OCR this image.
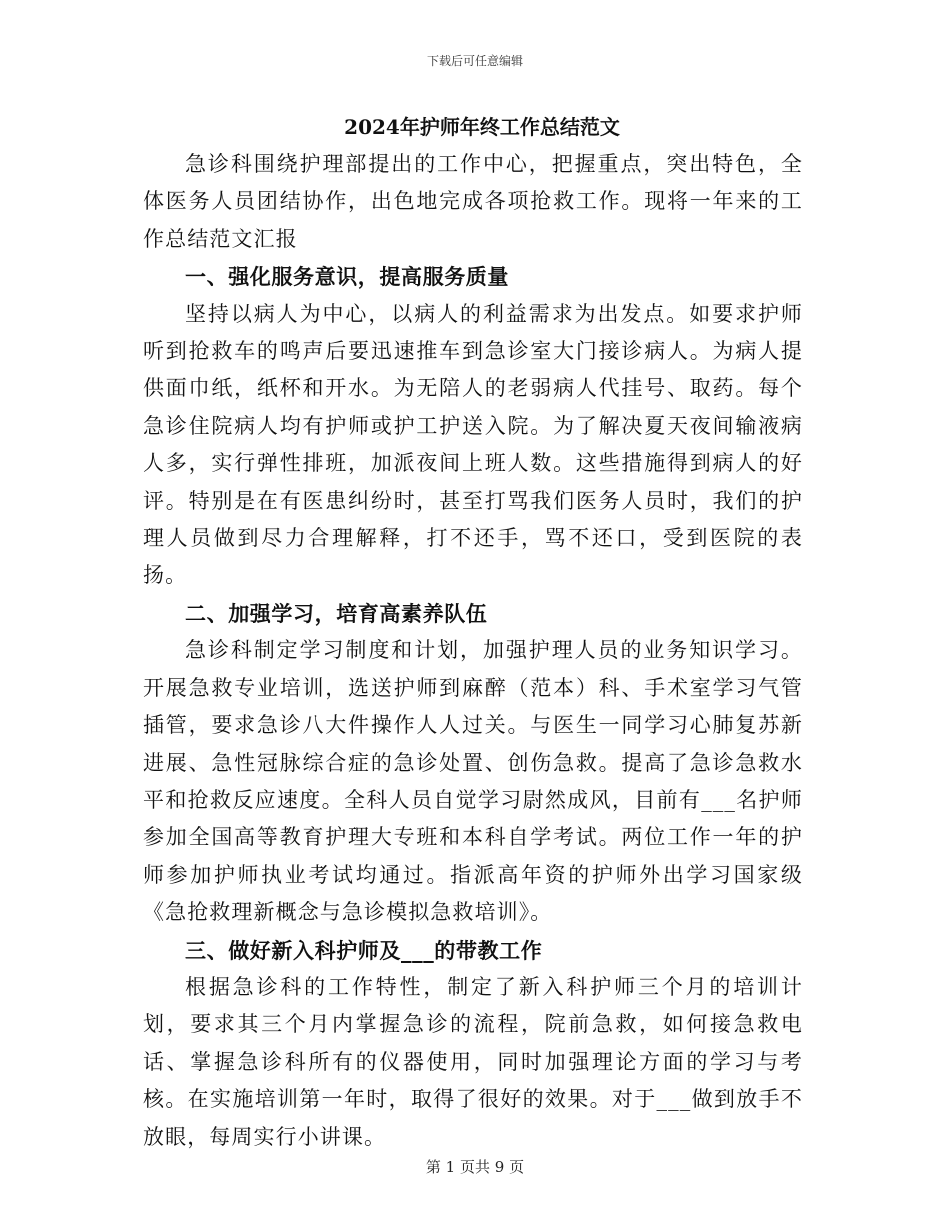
下载后可任意编辑
2024年护师年终工作总结范文

急诊科围绕护理部提出的工作中心，把握重点，突出特色，全体医务人员团结协作，出色地完成各项抢救工作。现将一年来的工作总结范文汇报

一、强化服务意识，提高服务质量

坚持以病人为中心，以病人的利益需求为出发点。如要求护师听到抢救车的鸣声后要迅速推车到急诊室大门接诊病人。为病人提供面巾纸，纸杯和开水。为无陪人的老弱病人代挂号、取药。每个急诊住院病人均有护师或护工护送入院。为了解决夏天夜间输液病人多，实行弹性排班，加派夜间上班人数。这些措施得到病人的好评。特别是在有医患纠纷时，甚至打骂我们医务人员时，我们的护理人员做到尽力合理解释，打不还手，骂不还口，受到医院的表扬。

二、加强学习，培育高素养队伍

急诊科制定学习制度和计划，加强护理人员的业务知识学习。开展急救专业培训，选送护师到麻醉（范本）科、手术室学习气管插管，要求急诊八大件操作人人过关。与医生一同学习心肺复苏新进展、急性冠脉综合症的急诊处置、创伤急救。提高了急诊急救水平和抢救反应速度。全科人员自觉学习尉然成风，目前有___名护师参加全国高等教育护理大专班和本科自学考试。两位工作一年的护师参加护师执业考试均通过。指派高年资的护师外出学习国家级《急抢救理新概念与急诊模拟急救培训》。

三、做好新入科护师及___的带教工作

根据急诊科的工作特性，制定了新入科护师三个月的培训计划，要求其三个月内掌握急诊的流程，院前急救，如何接急救电话、掌握急诊科所有的仪器使用，同时加强理论方面的学习与考核。在实施培训第一年时，取得了很好的效果。对于___做到放手不放眼，每周实行小讲课。

第 1 页共 9 页
